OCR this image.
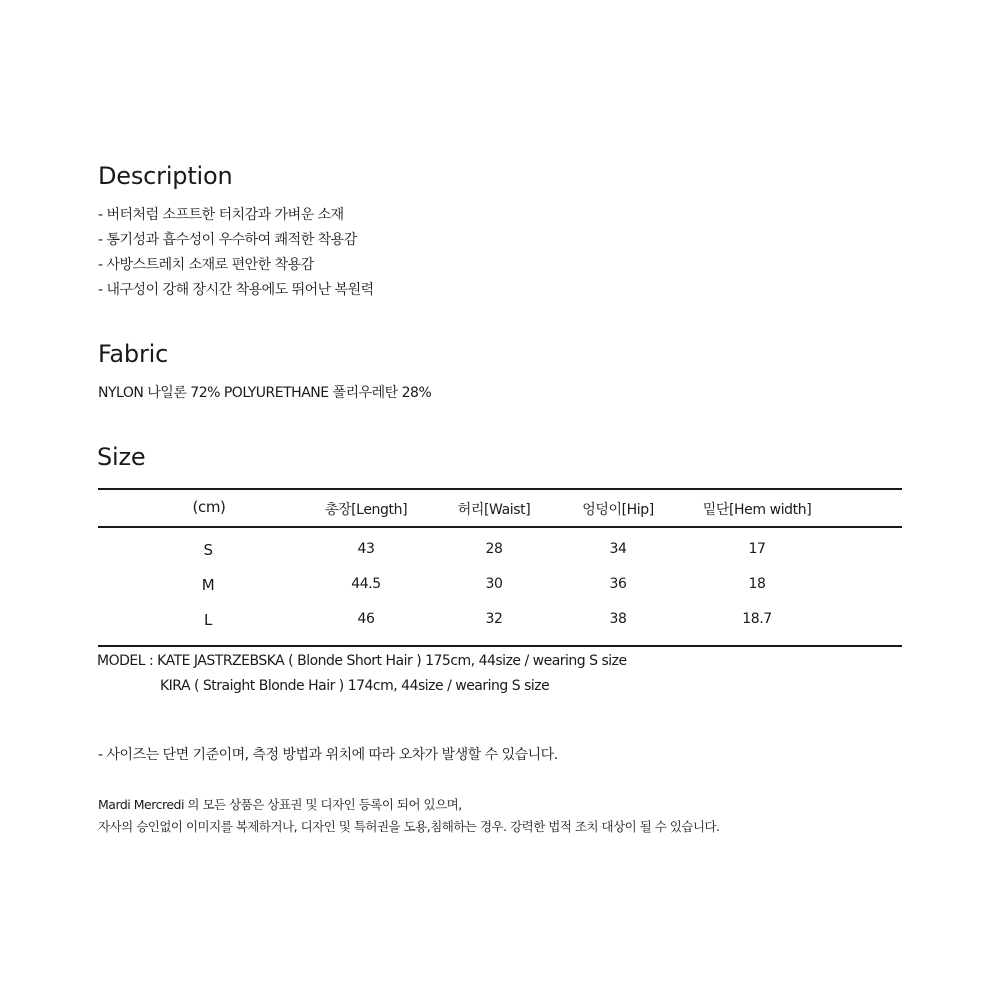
Description
- 버터처럼 소프트한 터치감과 가벼운 소재
- 통기성과 흡수성이 우수하여 쾌적한 착용감
- 사방스트레치 소재로 편안한 착용감
- 내구성이 강해 장시간 착용에도 뛰어난 복원력
Fabric
NYLON 나일론 72% POLYURETHANE 폴리우레탄 28%
Size
(cm)	총장[Length]	허리[Waist]	엉덩이[Hip]	밑단[Hem width]
S	43	28	34	17
M	44.5	30	36	18
L	46	32	38	18.7
MODEL : KATE JASTRZEBSKA ( Blonde Short Hair ) 175cm, 44size / wearing S size
KIRA ( Straight Blonde Hair ) 174cm, 44size / wearing S size
- 사이즈는 단면 기준이며, 측정 방법과 위치에 따라 오차가 발생할 수 있습니다.
Mardi Mercredi 의 모든 상품은 상표권 및 디자인 등록이 되어 있으며,
자사의 승인없이 이미지를 복제하거나, 디자인 및 특허권을 도용,침해하는 경우. 강력한 법적 조치 대상이 될 수 있습니다.
